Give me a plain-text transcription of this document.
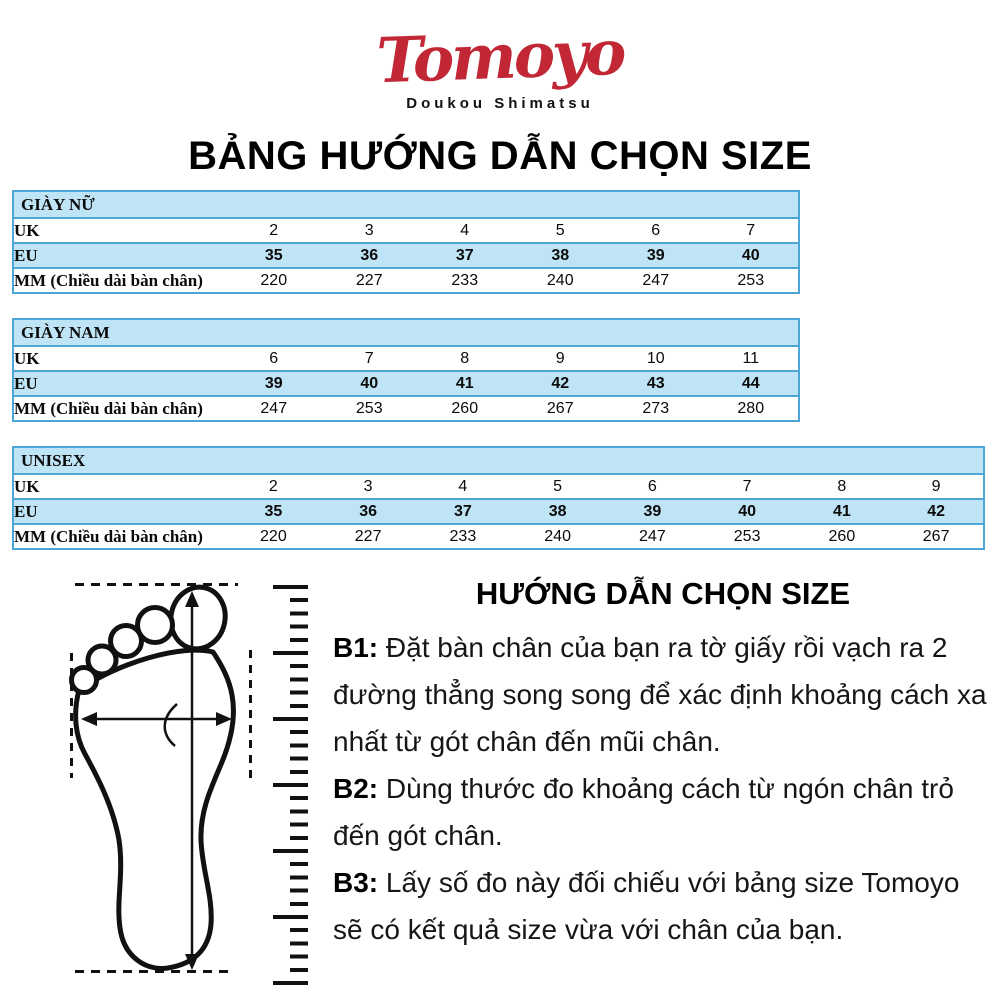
Tomoyo
Doukou Shimatsu
BẢNG HƯỚNG DẪN CHỌN SIZE
GIÀY NỮ						
UK	2	3	4	5	6	7
EU	35	36	37	38	39	40
MM (Chiều dài bàn chân)	220	227	233	240	247	253
GIÀY NAM						
UK	6	7	8	9	10	11
EU	39	40	41	42	43	44
MM (Chiều dài bàn chân)	247	253	260	267	273	280
UNISEX								
UK	2	3	4	5	6	7	8	9
EU	35	36	37	38	39	40	41	42
MM (Chiều dài bàn chân)	220	227	233	240	247	253	260	267
HƯỚNG DẪN CHỌN SIZE

B1: Đặt bàn chân của bạn ra tờ giấy rồi vạch ra 2 đường thẳng song song để xác định khoảng cách xa nhất từ gót chân đến mũi chân.

B2: Dùng thước đo khoảng cách từ ngón chân trỏ đến gót chân.

B3: Lấy số đo này đối chiếu với bảng size Tomoyo sẽ có kết quả size vừa với chân của bạn.
